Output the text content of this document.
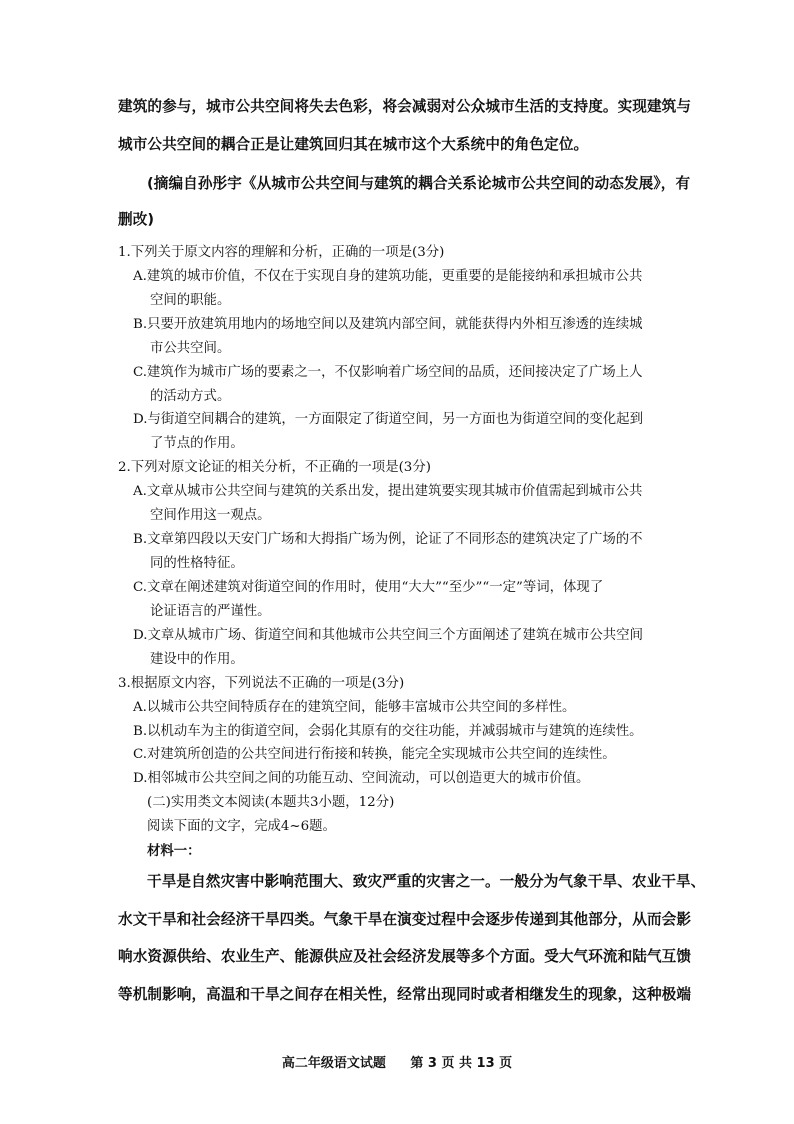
建筑的参与，城市公共空间将失去色彩，将会减弱对公众城市生活的支持度。实现建筑与
城市公共空间的耦合正是让建筑回归其在城市这个大系统中的角色定位。
(摘编自孙彤宇《从城市公共空间与建筑的耦合关系论城市公共空间的动态发展》，有
删改)
1.下列关于原文内容的理解和分析，正确的一项是(3分)
A.建筑的城市价值，不仅在于实现自身的建筑功能，更重要的是能接纳和承担城市公共
空间的职能。
B.只要开放建筑用地内的场地空间以及建筑内部空间，就能获得内外相互渗透的连续城
市公共空间。
C.建筑作为城市广场的要素之一，不仅影响着广场空间的品质，还间接决定了广场上人
的活动方式。
D.与街道空间耦合的建筑，一方面限定了街道空间，另一方面也为街道空间的变化起到
了节点的作用。
2.下列对原文论证的相关分析，不正确的一项是(3分)
A.文章从城市公共空间与建筑的关系出发，提出建筑要实现其城市价值需起到城市公共
空间作用这一观点。
B.文章第四段以天安门广场和大拇指广场为例，论证了不同形态的建筑决定了广场的不
同的性格特征。
C.文章在阐述建筑对街道空间的作用时，使用“大大”“至少”“一定”等词，体现了
论证语言的严谨性。
D.文章从城市广场、街道空间和其他城市公共空间三个方面阐述了建筑在城市公共空间
建设中的作用。
3.根据原文内容，下列说法不正确的一项是(3分)
A.以城市公共空间特质存在的建筑空间，能够丰富城市公共空间的多样性。
B.以机动车为主的街道空间，会弱化其原有的交往功能，并减弱城市与建筑的连续性。
C.对建筑所创造的公共空间进行衔接和转换，能完全实现城市公共空间的连续性。
D.相邻城市公共空间之间的功能互动、空间流动，可以创造更大的城市价值。
(二)实用类文本阅读(本题共3小题，12分)
阅读下面的文字，完成4~6题。
材料一：
干旱是自然灾害中影响范围大、致灾严重的灾害之一。一般分为气象干旱、农业干旱、
水文干旱和社会经济干旱四类。气象干旱在演变过程中会逐步传递到其他部分，从而会影
响水资源供给、农业生产、能源供应及社会经济发展等多个方面。受大气环流和陆气互馈
等机制影响，高温和干旱之间存在相关性，经常出现同时或者相继发生的现象，这种极端
高二年级语文试题 第 3 页 共 13 页
